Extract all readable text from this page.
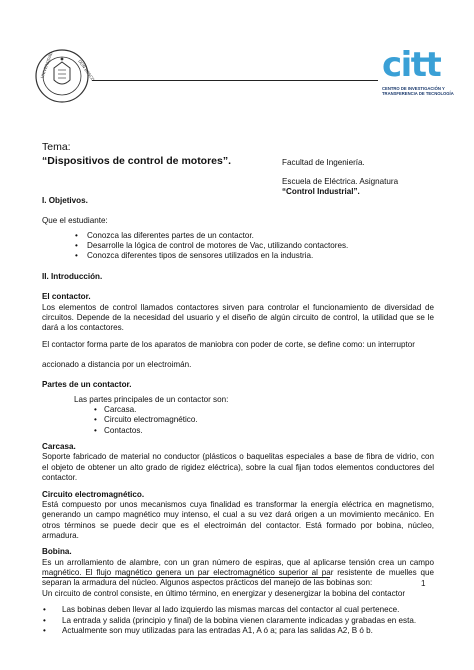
UNIVERSIDAD	DON BOSCO	citt
CENTRO DE INVESTIGACIÓN Y
TRANSFERENCIA DE TECNOLOGÍA
Tema:
“Dispositivos de control de motores”.	Facultad de Ingeniería.
Escuela de Eléctrica. Asignatura
“Control Industrial”.
I. Objetivos.
Que el estudiante:
• Conozca las diferentes partes de un contactor.
• Desarrolle la lógica de control de motores de Vac, utilizando contactores.
• Conozca diferentes tipos de sensores utilizados en la industria.
II. Introducción.
El contactor.
Los elementos de control llamados contactores sirven para controlar el funcionamiento de diversidad de circuitos. Depende de la necesidad del usuario y el diseño de algún circuito de control, la utilidad que se le dará a los contactores.
El contactor forma parte de los aparatos de maniobra con poder de corte, se define como: un interruptor
accionado a distancia por un electroimán.
Partes de un contactor.
Las partes principales de un contactor son:
• Carcasa.
• Circuito electromagnético.
• Contactos.
Carcasa.
Soporte fabricado de material no conductor (plásticos o baquelitas especiales a base de fibra de vidrio, con el objeto de obtener un alto grado de rigidez eléctrica), sobre la cual fijan todos elementos conductores del contactor.
Circuito electromagnético.
Está compuesto por unos mecanismos cuya finalidad es transformar la energía eléctrica en magnetismo, generando un campo magnético muy intenso, el cual a su vez dará origen a un movimiento mecánico. En otros términos se puede decir que es el electroimán del contactor. Está formado por bobina, núcleo, armadura.
Bobina.
Es un arrollamiento de alambre, con un gran número de espiras, que al aplicarse tensión crea un campo magnético. El flujo magnético genera un par electromagnético superior al par resistente de muelles que separan la armadura del núcleo. Algunos aspectos prácticos del manejo de las bobinas son:
Un circuito de control consiste, en último término, en energizar y desenergizar la bobina del contactor
• Las bobinas deben llevar al lado izquierdo las mismas marcas del contactor al cual pertenece.
• La entrada y salida (principio y final) de la bobina vienen claramente indicadas y grabadas en esta.
• Actualmente son muy utilizadas para las entradas A1, A ó a; para las salidas A2, B ó b.
1
